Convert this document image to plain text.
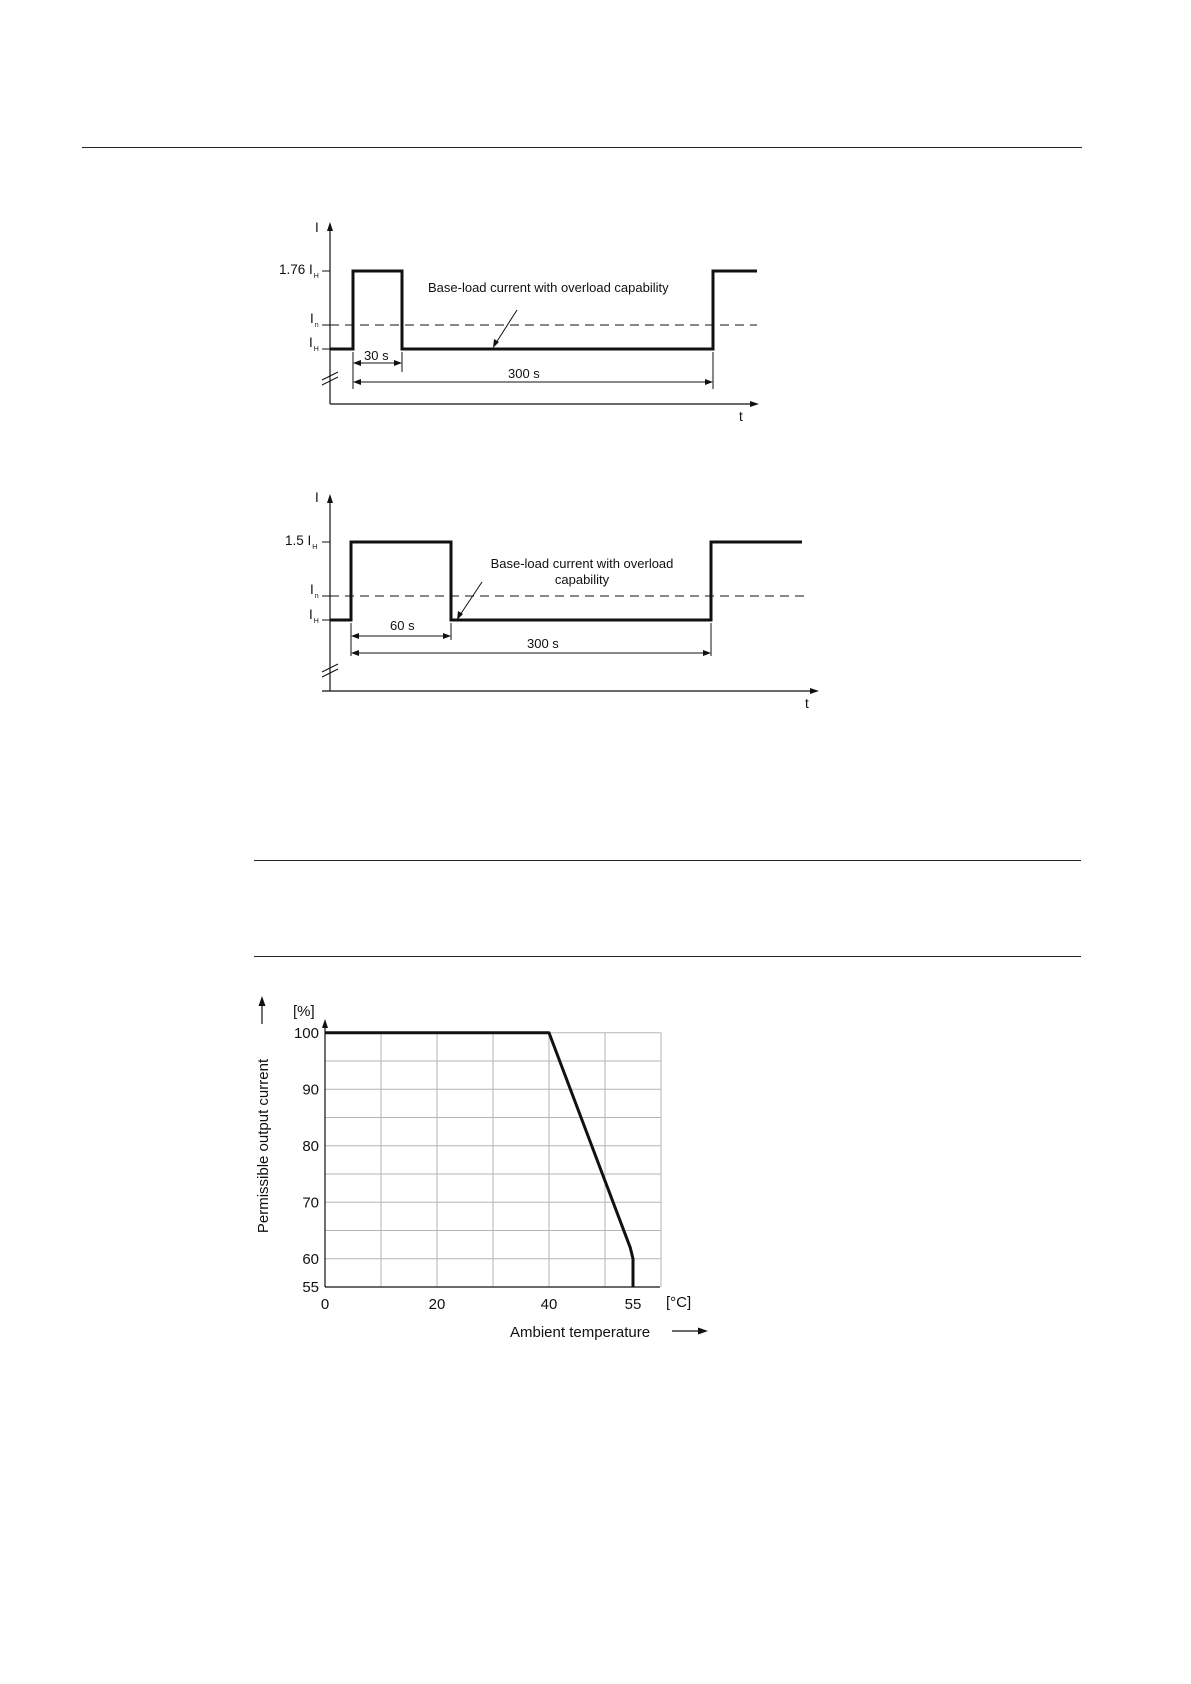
I
t
1.76 $I_H$
$I_n$
$I_H$
Base-load current with overload capability
30 s
300 s
I
t
1.5 $I_H$
$I_n$
$I_H$
Base-load current with overload
capability
60 s
300 s
0	20	40	55
100
90
80
70
60
55
[%]
[°C]
Ambient temperature
Permissible output current
